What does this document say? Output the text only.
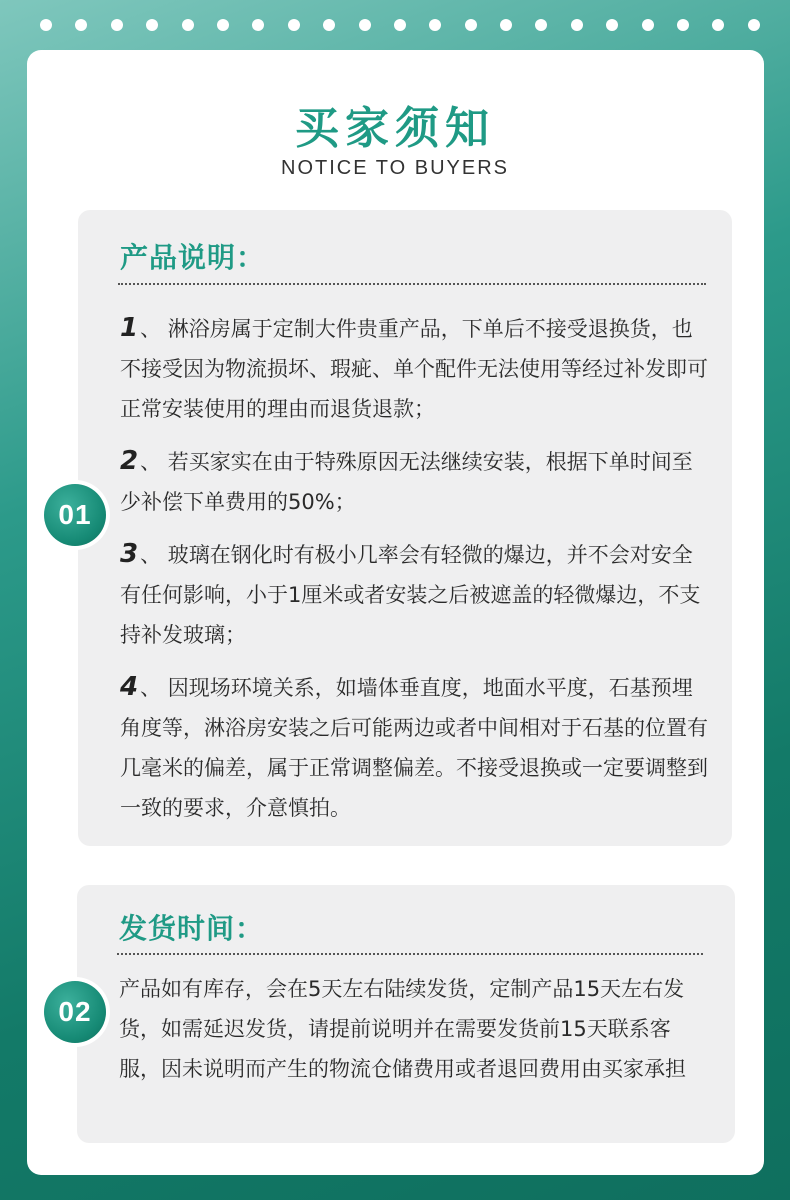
买家须知
NOTICE TO BUYERS
产品说明：
1、 淋浴房属于定制大件贵重产品，下单后不接受退换货，也不接受因为物流损坏、瑕疵、单个配件无法使用等经过补发即可正常安装使用的理由而退货退款；
2、 若买家实在由于特殊原因无法继续安装，根据下单时间至少补偿下单费用的50%；
3、 玻璃在钢化时有极小几率会有轻微的爆边，并不会对安全有任何影响，小于1厘米或者安装之后被遮盖的轻微爆边，不支持补发玻璃；
4、 因现场环境关系，如墙体垂直度，地面水平度，石基预埋角度等，淋浴房安装之后可能两边或者中间相对于石基的位置有几毫米的偏差，属于正常调整偏差。不接受退换或一定要调整到一致的要求，介意慎拍。
01
发货时间：
产品如有库存，会在5天左右陆续发货，定制产品15天左右发货，如需延迟发货，请提前说明并在需要发货前15天联系客服，因未说明而产生的物流仓储费用或者退回费用由买家承担
02
